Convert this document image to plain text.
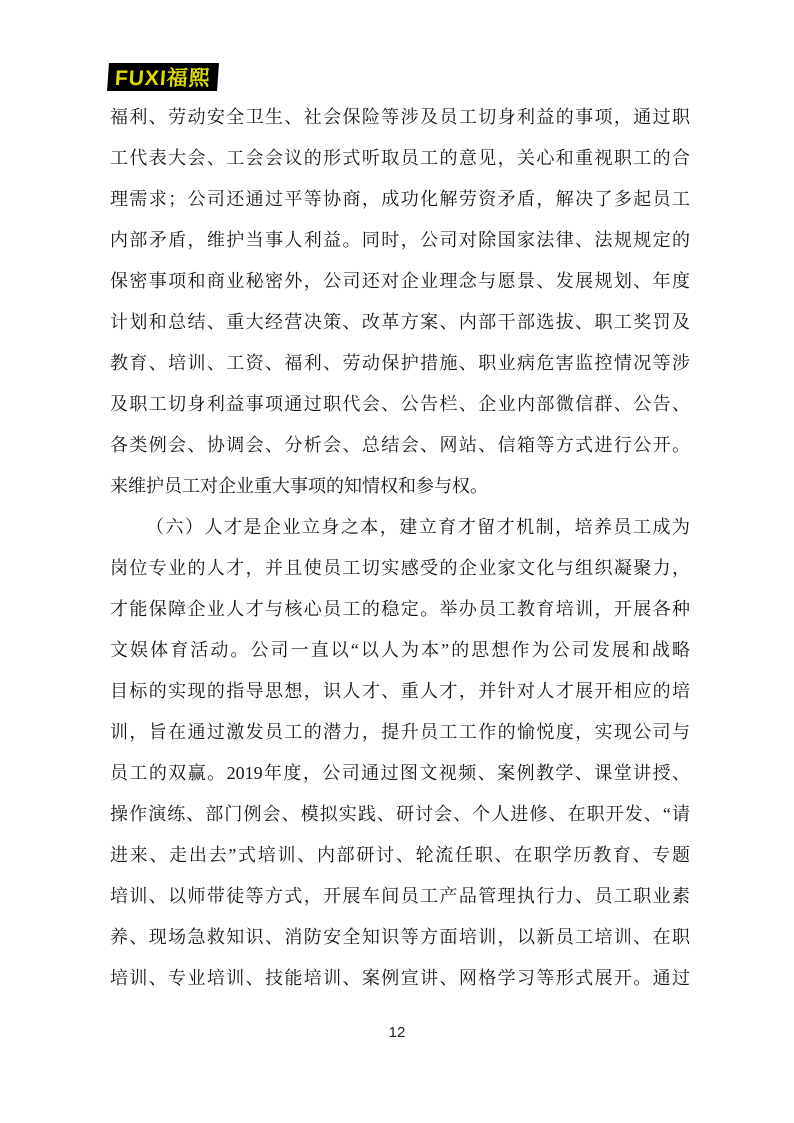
FUXI福熙
福利、劳动安全卫生、社会保险等涉及员工切身利益的事项，通过职
工代表大会、工会会议的形式听取员工的意见，关心和重视职工的合
理需求；公司还通过平等协商，成功化解劳资矛盾，解决了多起员工
内部矛盾，维护当事人利益。同时，公司对除国家法律、法规规定的
保密事项和商业秘密外，公司还对企业理念与愿景、发展规划、年度
计划和总结、重大经营决策、改革方案、内部干部选拔、职工奖罚及
教育、培训、工资、福利、劳动保护措施、职业病危害监控情况等涉
及职工切身利益事项通过职代会、公告栏、企业内部微信群、公告、
各类例会、协调会、分析会、总结会、网站、信箱等方式进行公开。
来维护员工对企业重大事项的知情权和参与权。
（六）人才是企业立身之本，建立育才留才机制，培养员工成为
岗位专业的人才，并且使员工切实感受的企业家文化与组织凝聚力，
才能保障企业人才与核心员工的稳定。举办员工教育培训，开展各种
文娱体育活动。公司一直以“以人为本”的思想作为公司发展和战略
目标的实现的指导思想，识人才、重人才，并针对人才展开相应的培
训，旨在通过激发员工的潜力，提升员工工作的愉悦度，实现公司与
员工的双赢。2019年度，公司通过图文视频、案例教学、课堂讲授、
操作演练、部门例会、模拟实践、研讨会、个人进修、在职开发、“请
进来、走出去”式培训、内部研讨、轮流任职、在职学历教育、专题
培训、以师带徒等方式，开展车间员工产品管理执行力、员工职业素
养、现场急救知识、消防安全知识等方面培训，以新员工培训、在职
培训、专业培训、技能培训、案例宣讲、网格学习等形式展开。通过
12
